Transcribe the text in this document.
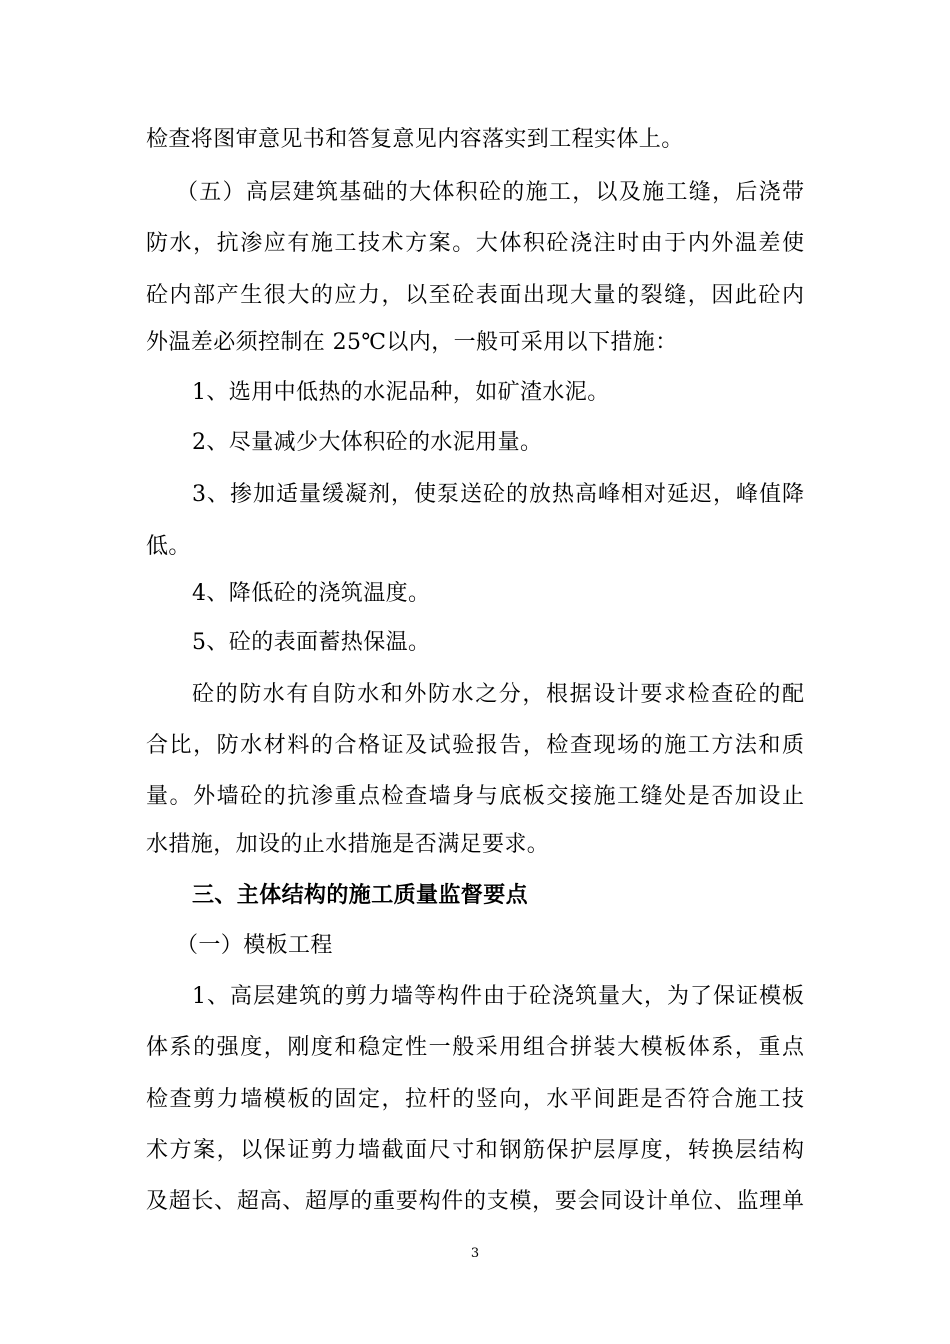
检查将图审意见书和答复意见内容落实到工程实体上。
（五）高层建筑基础的大体积砼的施工，以及施工缝，后浇带
防水，抗渗应有施工技术方案。大体积砼浇注时由于内外温差使
砼内部产生很大的应力，以至砼表面出现大量的裂缝，因此砼内
外温差必须控制在 25℃以内，一般可采用以下措施：
1、选用中低热的水泥品种，如矿渣水泥。
2、尽量减少大体积砼的水泥用量。
3、掺加适量缓凝剂，使泵送砼的放热高峰相对延迟，峰值降
低。
4、降低砼的浇筑温度。
5、砼的表面蓄热保温。
砼的防水有自防水和外防水之分，根据设计要求检查砼的配
合比，防水材料的合格证及试验报告，检查现场的施工方法和质
量。外墙砼的抗渗重点检查墙身与底板交接施工缝处是否加设止
水措施，加设的止水措施是否满足要求。
三、主体结构的施工质量监督要点
（一）模板工程
1、高层建筑的剪力墙等构件由于砼浇筑量大，为了保证模板
体系的强度，刚度和稳定性一般采用组合拼装大模板体系，重点
检查剪力墙模板的固定，拉杆的竖向，水平间距是否符合施工技
术方案，以保证剪力墙截面尺寸和钢筋保护层厚度，转换层结构
及超长、超高、超厚的重要构件的支模，要会同设计单位、监理单
3
